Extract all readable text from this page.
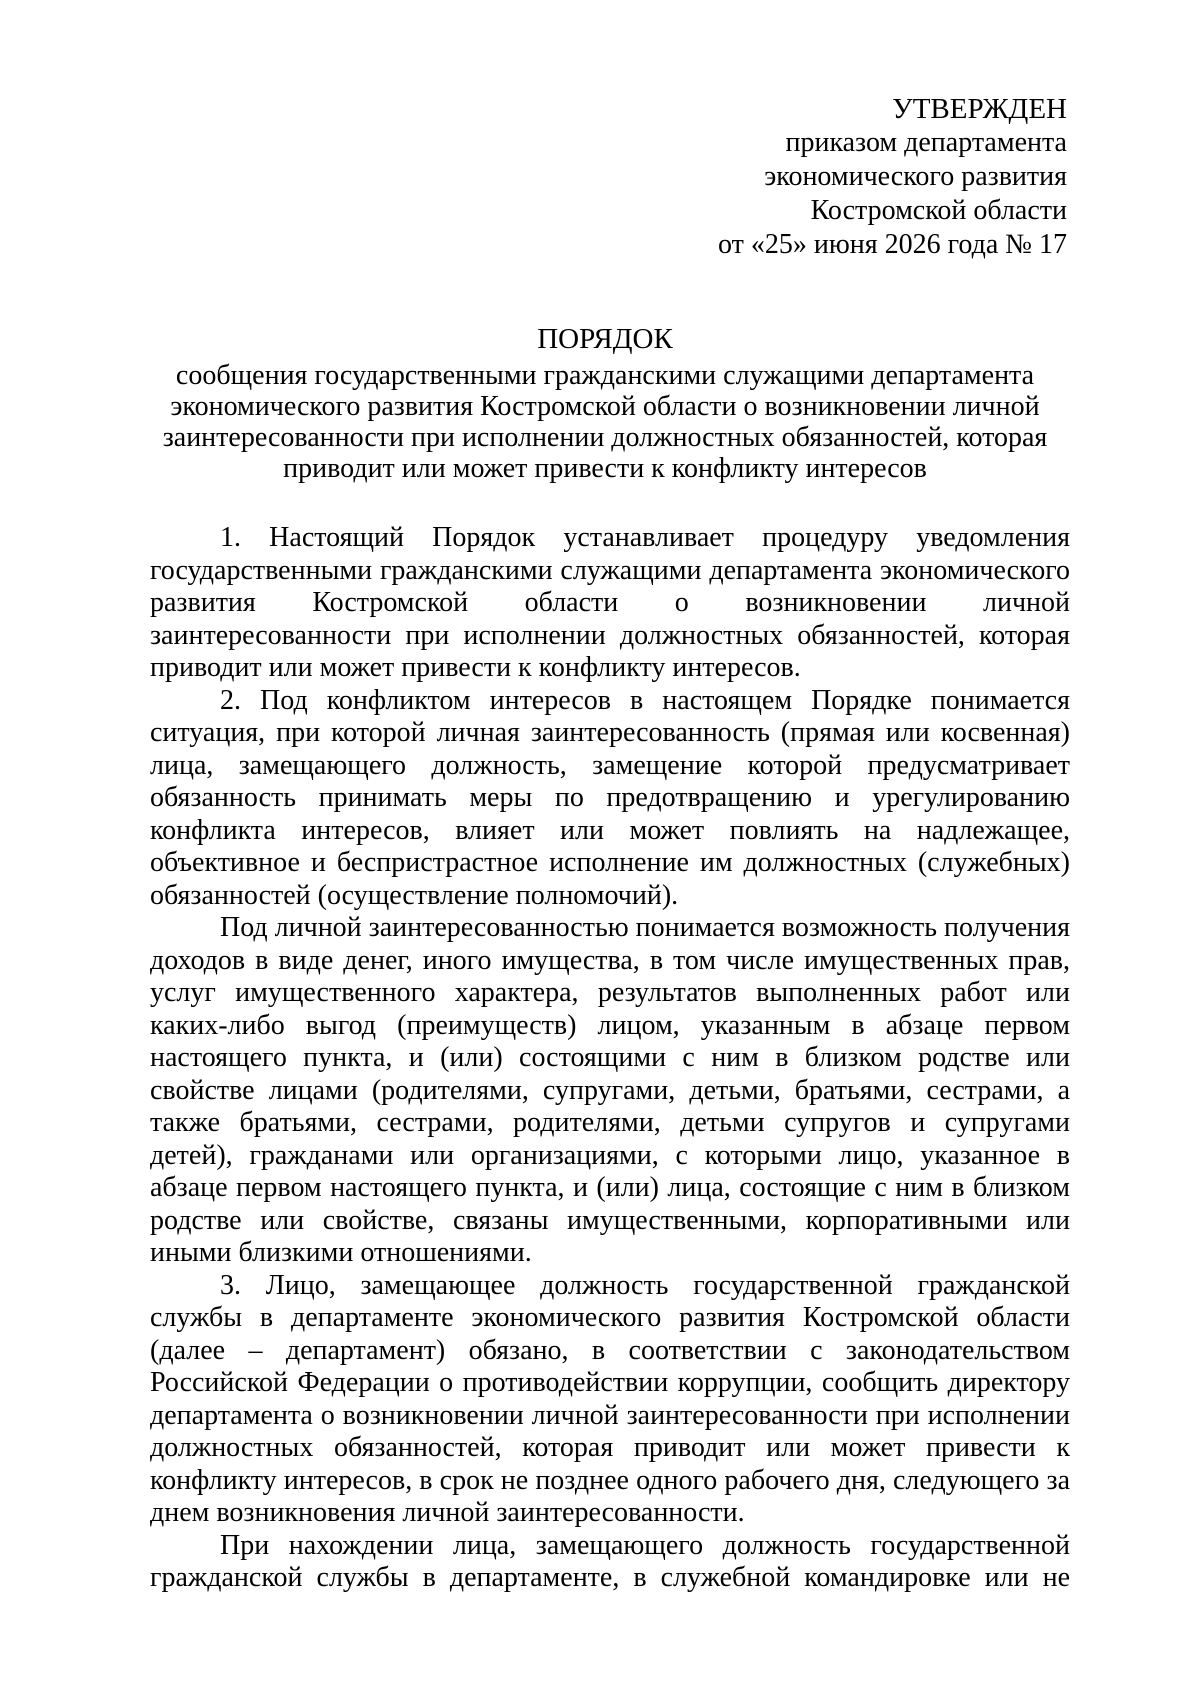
УТВЕРЖДЕН
приказом департамента
экономического развития
Костромской области
от «25» июня 2026 года № 17
ПОРЯДОК
сообщения государственными гражданскими служащими департамента экономического развития Костромской области о возникновении личной заинтересованности при исполнении должностных обязанностей, которая приводит или может привести к конфликту интересов

1. Настоящий Порядок устанавливает процедуру уведомления государственными гражданскими служащими департамента экономического развития Костромской области о возникновении личной заинтересованности при исполнении должностных обязанностей, которая приводит или может привести к конфликту интересов.

2. Под конфликтом интересов в настоящем Порядке понимается ситуация, при которой личная заинтересованность (прямая или косвенная) лица, замещающего должность, замещение которой предусматривает обязанность принимать меры по предотвращению и урегулированию конфликта интересов, влияет или может повлиять на надлежащее, объективное и беспристрастное исполнение им должностных (служебных) обязанностей (осуществление полномочий).

Под личной заинтересованностью понимается возможность получения доходов в виде денег, иного имущества, в том числе имущественных прав, услуг имущественного характера, результатов выполненных работ или каких-либо выгод (преимуществ) лицом, указанным в абзаце первом настоящего пункта, и (или) состоящими с ним в близком родстве или свойстве лицами (родителями, супругами, детьми, братьями, сестрами, а также братьями, сестрами, родителями, детьми супругов и супругами детей), гражданами или организациями, с которыми лицо, указанное в абзаце первом настоящего пункта, и (или) лица, состоящие с ним в близком родстве или свойстве, связаны имущественными, корпоративными или иными близкими отношениями.

3. Лицо, замещающее должность государственной гражданской службы в департаменте экономического развития Костромской области (далее – департамент) обязано, в соответствии с законодательством Российской Федерации о противодействии коррупции, сообщить директору департамента о возникновении личной заинтересованности при исполнении должностных обязанностей, которая приводит или может привести к конфликту интересов, в срок не позднее одного рабочего дня, следующего за днем возникновения личной заинтересованности.

При нахождении лица, замещающего должность государственной гражданской службы в департаменте, в служебной командировке или не
